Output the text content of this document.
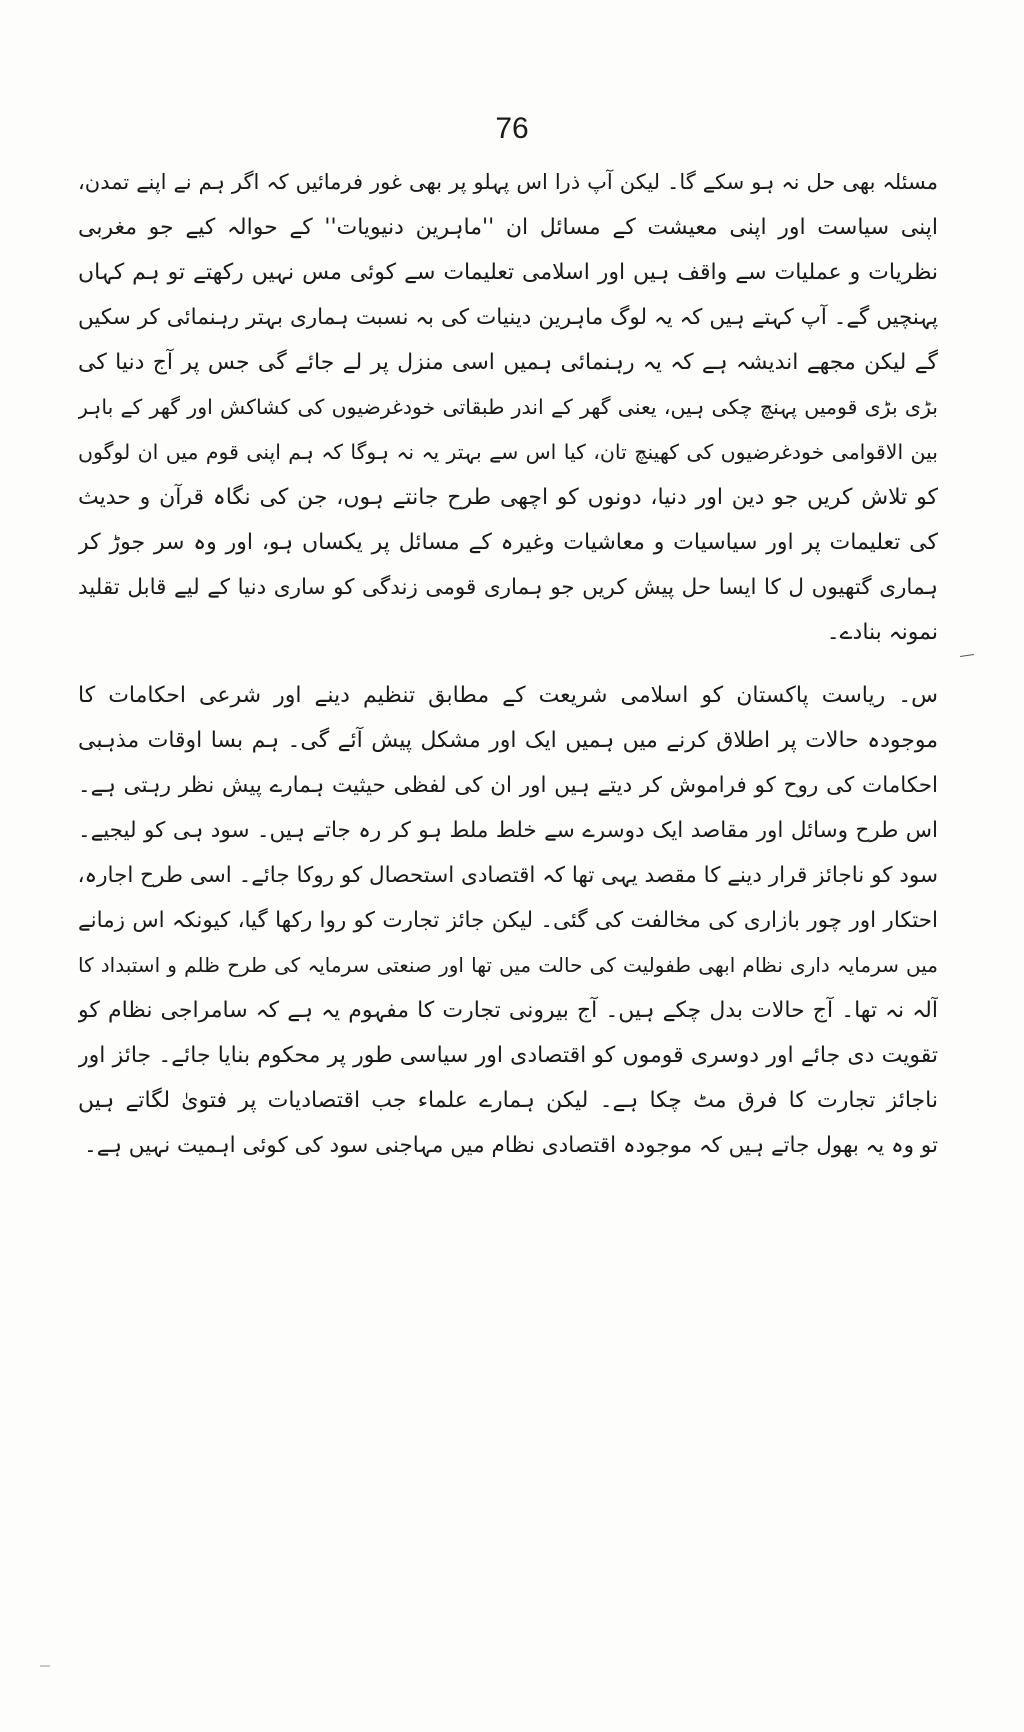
76

مسئلہ بھی حل نہ ہو سکے گا۔ لیکن آپ ذرا اس پہلو پر بھی غور فرمائیں کہ اگر ہم نے اپنے تمدن،
اپنی سیاست اور اپنی معیشت کے مسائل ان ''ماہرین دنیویات'' کے حوالہ کیے جو مغربی
نظریات و عملیات سے واقف ہیں اور اسلامی تعلیمات سے کوئی مس نہیں رکھتے تو ہم کہاں
پہنچیں گے۔ آپ کہتے ہیں کہ یہ لوگ ماہرین دینیات کی بہ نسبت ہماری بہتر رہنمائی کر سکیں
گے لیکن مجھے اندیشہ ہے کہ یہ رہنمائی ہمیں اسی منزل پر لے جائے گی جس پر آج دنیا کی
بڑی بڑی قومیں پہنچ چکی ہیں، یعنی گھر کے اندر طبقاتی خودغرضیوں کی کشاکش اور گھر کے باہر
بین الاقوامی خودغرضیوں کی کھینچ تان، کیا اس سے بہتر یہ نہ ہوگا کہ ہم اپنی قوم میں ان لوگوں
کو تلاش کریں جو دین اور دنیا، دونوں کو اچھی طرح جانتے ہوں، جن کی نگاہ قرآن و حدیث
کی تعلیمات پر اور سیاسیات و معاشیات وغیرہ کے مسائل پر یکساں ہو، اور وہ سر جوڑ کر
ہماری گتھیوں ل کا ایسا حل پیش کریں جو ہماری قومی زندگی کو ساری دنیا کے لیے قابل تقلید
نمونہ بنادے۔
س۔ ریاست پاکستان کو اسلامی شریعت کے مطابق تنظیم دینے اور شرعی احکامات کا
موجودہ حالات پر اطلاق کرنے میں ہمیں ایک اور مشکل پیش آئے گی۔ ہم بسا اوقات مذہبی
احکامات کی روح کو فراموش کر دیتے ہیں اور ان کی لفظی حیثیت ہمارے پیش نظر رہتی ہے۔
اس طرح وسائل اور مقاصد ایک دوسرے سے خلط ملط ہو کر رہ جاتے ہیں۔ سود ہی کو لیجیے۔
سود کو ناجائز قرار دینے کا مقصد یہی تھا کہ اقتصادی استحصال کو روکا جائے۔ اسی طرح اجارہ،
احتکار اور چور بازاری کی مخالفت کی گئی۔ لیکن جائز تجارت کو روا رکھا گیا، کیونکہ اس زمانے
میں سرمایہ داری نظام ابھی طفولیت کی حالت میں تھا اور صنعتی سرمایہ کی طرح ظلم و استبداد کا
آلہ نہ تھا۔ آج حالات بدل چکے ہیں۔ آج بیرونی تجارت کا مفہوم یہ ہے کہ سامراجی نظام کو
تقویت دی جائے اور دوسری قوموں کو اقتصادی اور سیاسی طور پر محکوم بنایا جائے۔ جائز اور
ناجائز تجارت کا فرق مٹ چکا ہے۔ لیکن ہمارے علماء جب اقتصادیات پر فتویٰ لگاتے ہیں
تو وہ یہ بھول جاتے ہیں کہ موجودہ اقتصادی نظام میں مہاجنی سود کی کوئی اہمیت نہیں ہے۔
